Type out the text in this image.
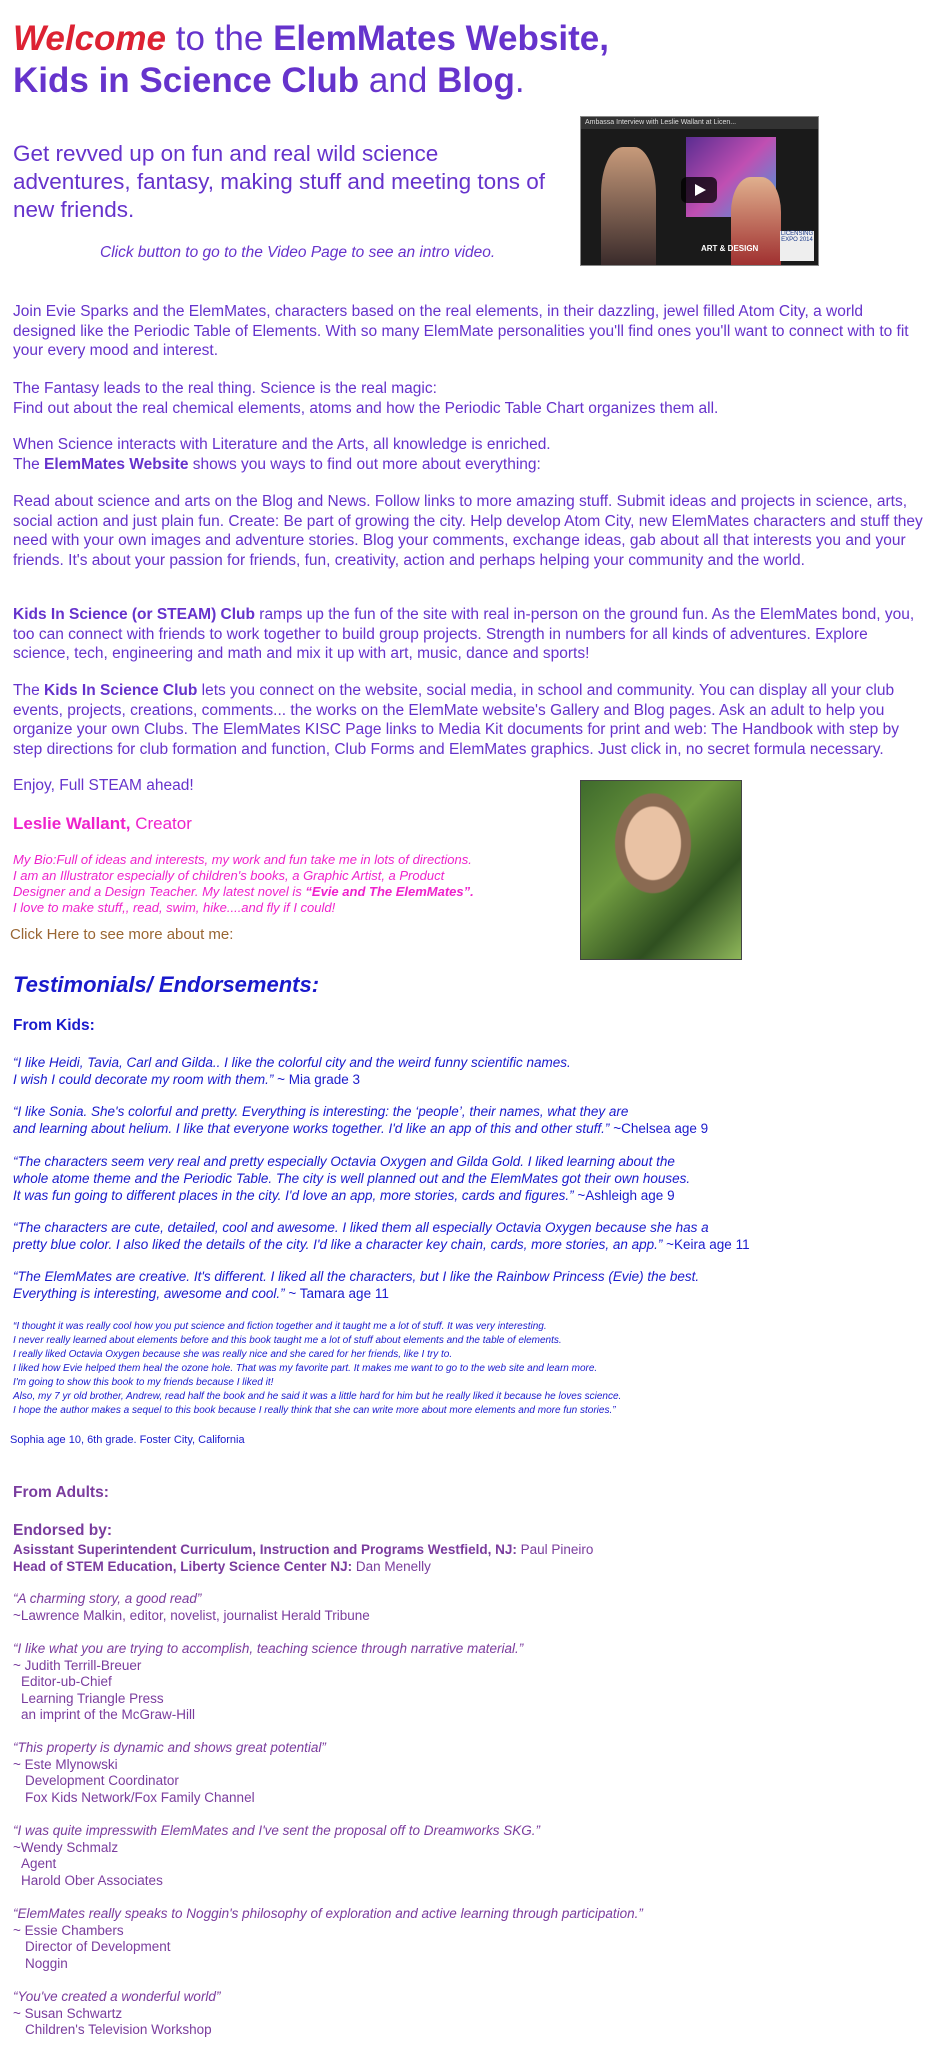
Welcome to the ElemMates Website,
Kids in Science Club and Blog.
Get revved up on fun and real wild science adventures, fantasy, making stuff and meeting tons of new friends.
Click button to go to the Video Page to see an intro video.
Ambassa Interview with Leslie Wallant at Licen...
ART & DESIGN
LICENSING EXPO 2014

Join Evie Sparks and the ElemMates, characters based on the real elements, in their dazzling, jewel filled Atom City, a world designed like the Periodic Table of Elements. With so many ElemMate personalities you'll find ones you'll want to connect with to fit your every mood and interest.

The Fantasy leads to the real thing. Science is the real magic:
Find out about the real chemical elements, atoms and how the Periodic Table Chart organizes them all.

When Science interacts with Literature and the Arts, all knowledge is enriched.
The ElemMates Website shows you ways to find out more about everything:

Read about science and arts on the Blog and News. Follow links to more amazing stuff. Submit ideas and projects in science, arts, social action and just plain fun. Create: Be part of growing the city. Help develop Atom City, new ElemMates characters and stuff they need with your own images and adventure stories. Blog your comments, exchange ideas, gab about all that interests you and your friends. It's about your passion for friends, fun, creativity, action and perhaps helping your community and the world.

Kids In Science (or STEAM) Club ramps up the fun of the site with real in-person on the ground fun. As the ElemMates bond, you, too can connect with friends to work together to build group projects. Strength in numbers for all kinds of adventures. Explore science, tech, engineering and math and mix it up with art, music, dance and sports!

The Kids In Science Club lets you connect on the website, social media, in school and community. You can display all your club events, projects, creations, comments... the works on the ElemMate website's Gallery and Blog pages. Ask an adult to help you organize your own Clubs. The ElemMates KISC Page links to Media Kit documents for print and web: The Handbook with step by step directions for club formation and function, Club Forms and ElemMates graphics. Just click in, no secret formula necessary.

Enjoy, Full STEAM ahead!

Leslie Wallant, Creator
My Bio:Full of ideas and interests, my work and fun take me in lots of directions.
I am an Illustrator especially of children's books, a Graphic Artist, a Product
Designer and a Design Teacher. My latest novel is “Evie and The ElemMates”.
I love to make stuff,, read, swim, hike....and fly if I could!
Click Here to see more about me:
Testimonials/ Endorsements:
From Kids:
“I like Heidi, Tavia, Carl and Gilda.. I like the colorful city and the weird funny scientific names.
I wish I could decorate my room with them.” ~ Mia grade 3
“I like Sonia. She's colorful and pretty. Everything is interesting: the ‘people’, their names, what they are
and learning about helium. I like that everyone works together. I'd like an app of this and other stuff.” ~Chelsea age 9
“The characters seem very real and pretty especially Octavia Oxygen and Gilda Gold. I liked learning about the
whole atome theme and the Periodic Table. The city is well planned out and the ElemMates got their own houses.
It was fun going to different places in the city. I'd love an app, more stories, cards and figures.” ~Ashleigh age 9
“The characters are cute, detailed, cool and awesome. I liked them all especially Octavia Oxygen because she has a
pretty blue color. I also liked the details of the city. I'd like a character key chain, cards, more stories, an app.” ~Keira age 11
“The ElemMates are creative. It's different. I liked all the characters, but I like the Rainbow Princess (Evie) the best.
Everything is interesting, awesome and cool.” ~ Tamara age 11
“I thought it was really cool how you put science and fiction together and it taught me a lot of stuff. It was very interesting.
I never really learned about elements before and this book taught me a lot of stuff about elements and the table of elements.
I really liked Octavia Oxygen because she was really nice and she cared for her friends, like I try to.
I liked how Evie helped them heal the ozone hole. That was my favorite part. It makes me want to go to the web site and learn more.
I'm going to show this book to my friends because I liked it!
Also, my 7 yr old brother, Andrew, read half the book and he said it was a little hard for him but he really liked it because he loves science.
I hope the author makes a sequel to this book because I really think that she can write more about more elements and more fun stories.”
Sophia age 10, 6th grade. Foster City, California
From Adults:
Endorsed by:
Asisstant Superintendent Curriculum, Instruction and Programs Westfield, NJ: Paul Pineiro
Head of STEM Education, Liberty Science Center NJ: Dan Menelly
“A charming story, a good read”
~Lawrence Malkin, editor, novelist, journalist Herald Tribune
“I like what you are trying to accomplish, teaching science through narrative material.”
~ Judith Terrill-Breuer
Editor-ub-Chief
Learning Triangle Press
an imprint of the McGraw-Hill
“This property is dynamic and shows great potential”
~ Este Mlynowski
Development Coordinator
Fox Kids Network/Fox Family Channel
“I was quite impresswith ElemMates and I've sent the proposal off to Dreamworks SKG.”
~Wendy Schmalz
Agent
Harold Ober Associates
“ElemMates really speaks to Noggin's philosophy of exploration and active learning through participation.”
~ Essie Chambers
Director of Development
Noggin
“You've created a wonderful world”
~ Susan Schwartz
Children's Television Workshop
